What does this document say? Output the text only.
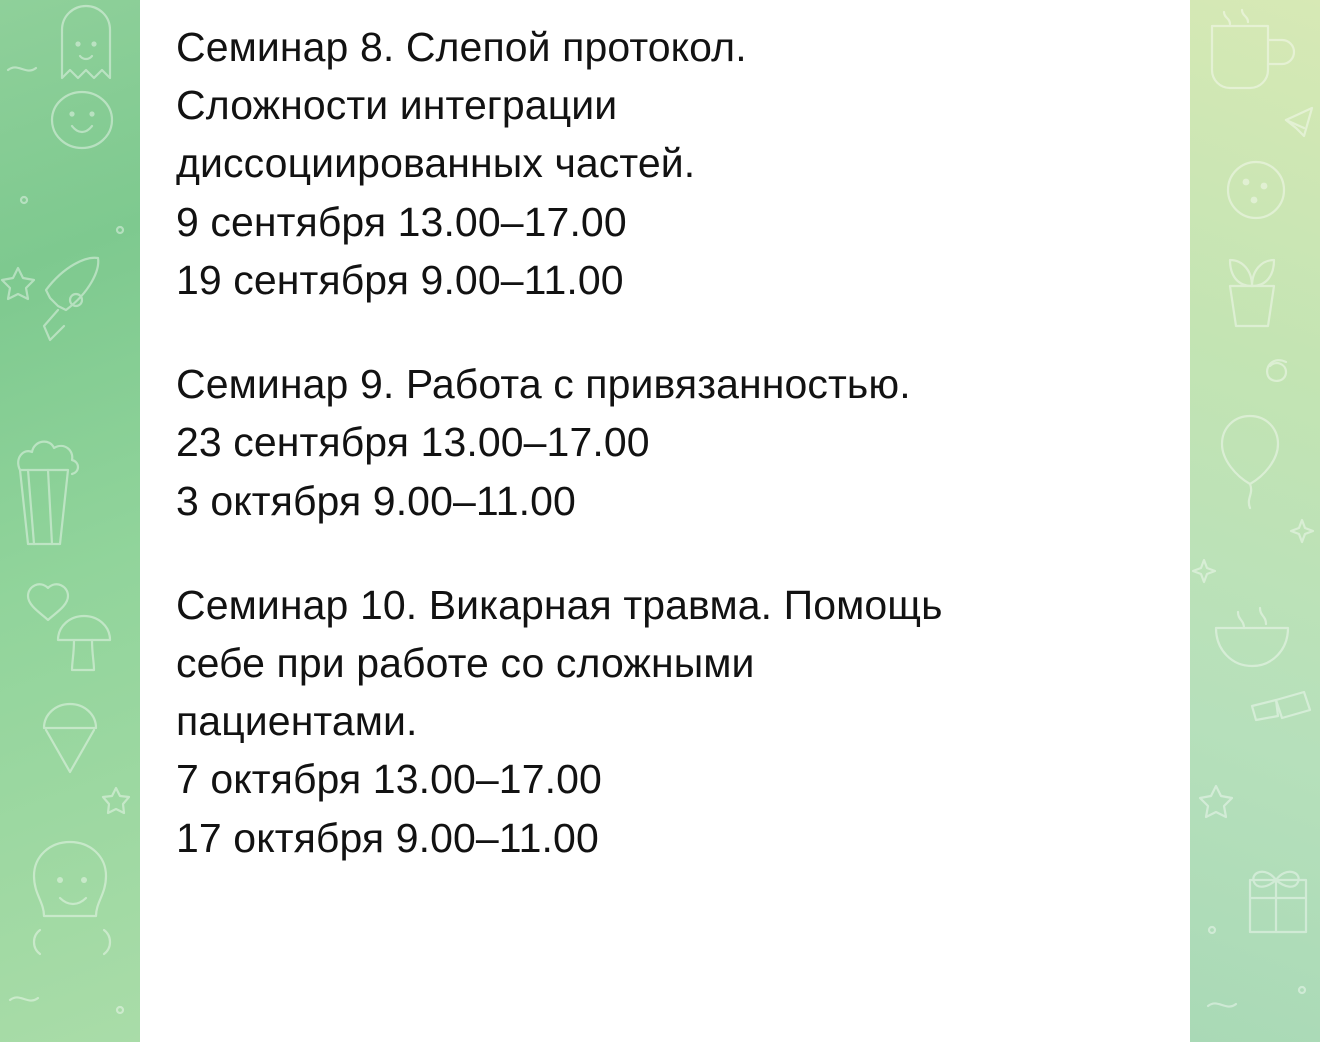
Семинар 8. Слепой протокол.
Сложности интеграции
диссоциированных частей.
9 сентября 13.00–17.00
19 сентября 9.00–11.00
Семинар 9. Работа с привязанностью.
23 сентября 13.00–17.00
3 октября 9.00–11.00
Семинар 10. Викарная травма. Помощь
себе при работе со сложными
пациентами.
7 октября 13.00–17.00
17 октября 9.00–11.00
